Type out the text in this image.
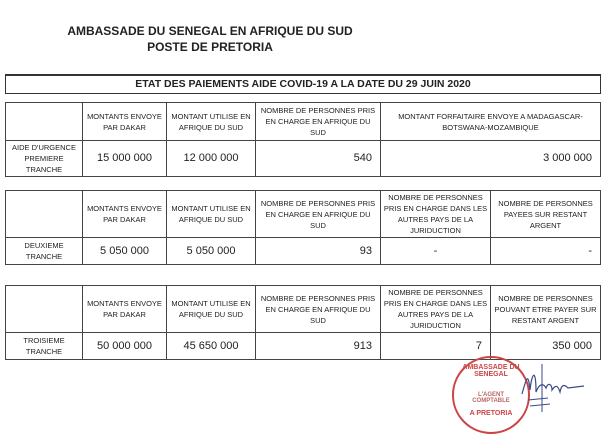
AMBASSADE DU SENEGAL EN AFRIQUE DU SUD
POSTE DE PRETORIA
ETAT DES PAIEMENTS AIDE COVID-19 A LA DATE DU 29 JUIN 2020
	MONTANTS ENVOYE PAR DAKAR	MONTANT UTILISE EN AFRIQUE DU SUD	NOMBRE DE PERSONNES PRIS EN CHARGE EN AFRIQUE DU SUD	MONTANT FORFAITAIRE ENVOYE A MADAGASCAR-BOTSWANA-MOZAMBIQUE
AIDE D'URGENCE PREMIERE TRANCHE	15 000 000	12 000 000	540	3 000 000
	MONTANTS ENVOYE PAR DAKAR	MONTANT UTILISE EN AFRIQUE DU SUD	NOMBRE DE PERSONNES PRIS EN CHARGE EN AFRIQUE DU SUD	NOMBRE DE PERSONNES PRIS EN CHARGE DANS LES AUTRES PAYS DE LA JURIDUCTION	NOMBRE DE PERSONNES PAYEES SUR RESTANT ARGENT
DEUXIEME TRANCHE	5 050 000	5 050 000	93	-	-
	MONTANTS ENVOYE PAR DAKAR	MONTANT UTILISE EN AFRIQUE DU SUD	NOMBRE DE PERSONNES PRIS EN CHARGE EN AFRIQUE DU SUD	NOMBRE DE PERSONNES PRIS EN CHARGE DANS LES AUTRES PAYS DE LA JURIDUCTION	NOMBRE DE PERSONNES POUVANT ETRE PAYER SUR RESTANT ARGENT
TROISIEME TRANCHE	50 000 000	45 650 000	913	7	350 000
AMBASSADE DU SENEGAL
L'AGENT
COMPTABLE
A PRETORIA
